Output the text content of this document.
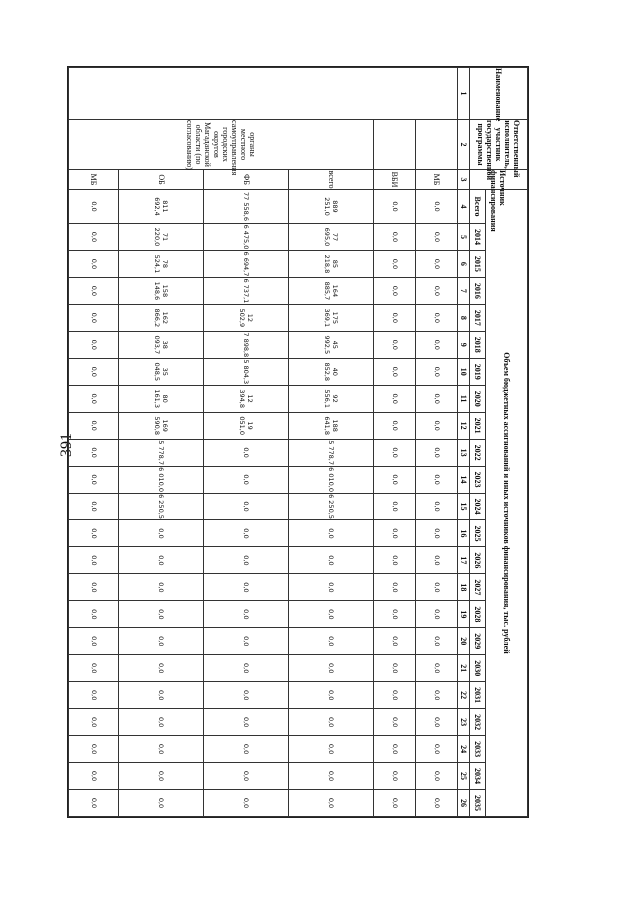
391
Наименование	Ответственный исполнитель, участник государственной программы	Источник финансирования	Объем бюджетных ассигнований и иных источников финансирования, тыс. рублей																						
			Всего	2014	2015	2016	2017	2018	2019	2020	2021	2022	2023	2024	2025	2026	2027	2028	2029	2030	2031	2032	2033	2034	2035
1	2	3	4	5	6	7	8	9	10	11	12	13	14	15	16	17	18	19	20	21	22	23	24	25	26
		МБ	0,0	0,0	0,0	0,0	0,0	0,0	0,0	0,0	0,0	0,0	0,0	0,0	0,0	0,0	0,0	0,0	0,0	0,0	0,0	0,0	0,0	0,0	0,0
		ВБИ	0,0	0,0	0,0	0,0	0,0	0,0	0,0	0,0	0,0	0,0	0,0	0,0	0,0	0,0	0,0	0,0	0,0	0,0	0,0	0,0	0,0	0,0	0,0
	органы местного самоуправления городских округов Магаданской области (по согласованию)	всего	889 251,0	77 695,0	85 218,8	164 885,7	175 369,1	45 992,5	40 852,8	92 556,1	188 641,8	5 778,7	6 010,0	6 250,5	0,0	0,0	0,0	0,0	0,0	0,0	0,0	0,0	0,0	0,0	0,0
		ФБ	77 558,6	6 475,0	6 694,7	6 737,1	12 502,9	7 898,8	5 804,3	12 394,8	19 051,0	0,0	0,0	0,0	0,0	0,0	0,0	0,0	0,0	0,0	0,0	0,0	0,0	0,0	0,0
		ОБ	811 692,4	71 220,0	78 524,1	158 148,6	162 866,2	38 093,7	35 048,5	80 161,3	169 590,8	5 778,7	6 010,0	6 250,5	0,0	0,0	0,0	0,0	0,0	0,0	0,0	0,0	0,0	0,0	0,0
		МБ	0,0	0,0	0,0	0,0	0,0	0,0	0,0	0,0	0,0	0,0	0,0	0,0	0,0	0,0	0,0	0,0	0,0	0,0	0,0	0,0	0,0	0,0	0,0
